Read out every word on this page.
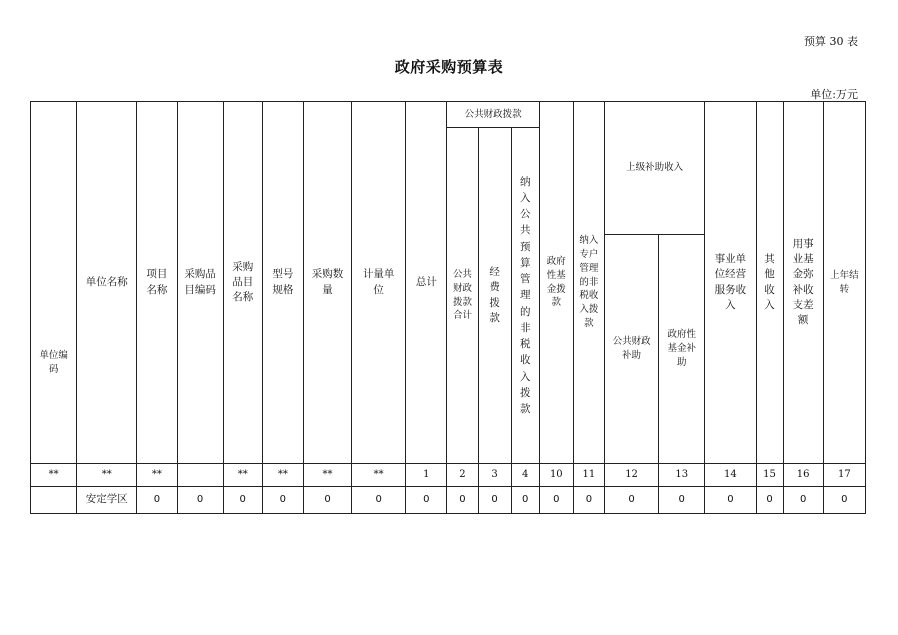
预算 30 表
政府采购预算表
单位:万元
单位编码	单位名称	项目名称	采购品目编码	采购品目名称	型号规格	采购数量	计量单位	总计	公共财政拨款			政府性基金拨款	纳入专户管理的非税收入拨款	上级补助收入		事业单位经营服务收入	其他收入	用事业基金弥补收支差额	上年结转

									公共财政拨款合计	经费拨款	纳入公共预算管理的非税收入拨款								

														公共财政补助	政府性基金补助				

**	**	**		**	**	**	**	1	2	3	4	10	11	12	13	14	15	16	17
	安定学区	0	0	0	0	0	0	0	0	0	0	0	0	0	0	0	0	0	0
